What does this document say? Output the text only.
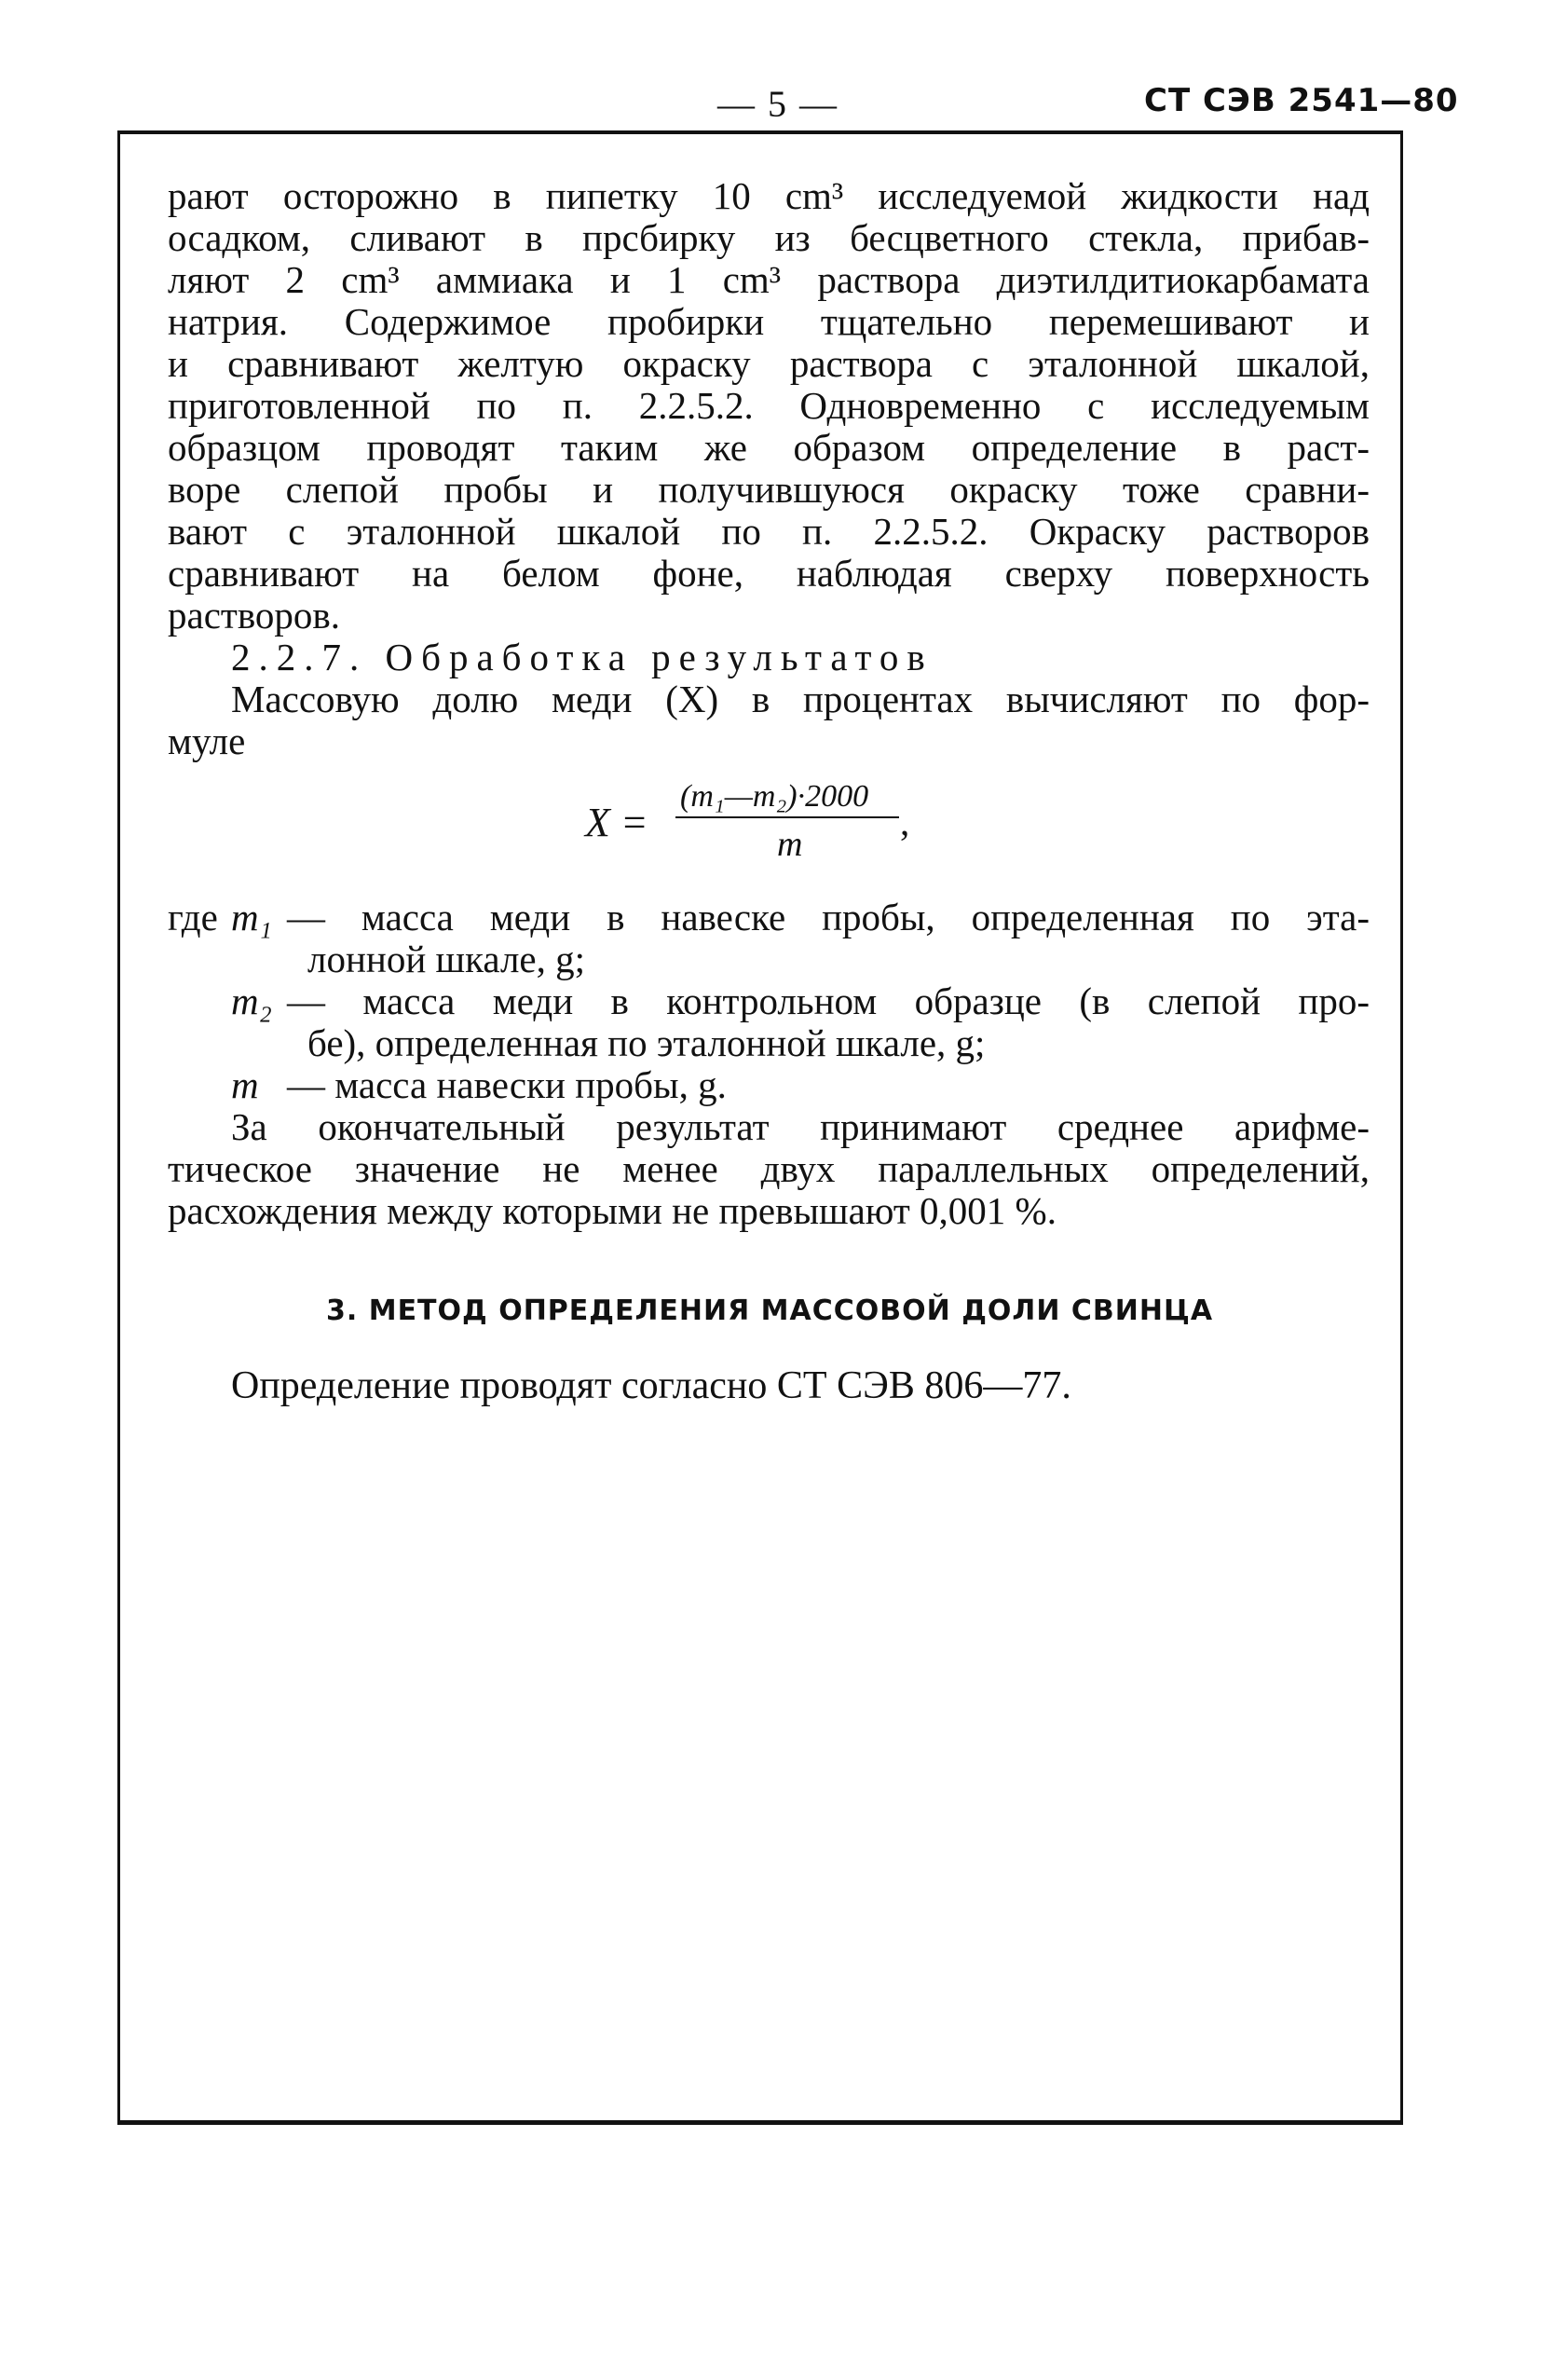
— 5 —	СТ СЭВ 2541—80

рают осторожно в пипетку 10 cm³ исследуемой жидкости над
осадком, сливают в прсбирку из бесцветного стекла, прибав-
ляют 2 cm³ аммиака и 1 cm³ раствора диэтилдитиокарбамата
натрия. Содержимое пробирки тщательно перемешивают и
и сравнивают желтую окраску раствора с эталонной шкалой,
приготовленной по п. 2.2.5.2. Одновременно с исследуемым
образцом проводят таким же образом определение в раст-
воре слепой пробы и получившуюся окраску тоже сравни-
вают с эталонной шкалой по п. 2.2.5.2. Окраску растворов
сравнивают на белом фоне, наблюдая сверху поверхность
растворов.

2.2.7. Обработка результатов

Массовую долю меди (X) в процентах вычисляют по фор-
муле

X =
(m₁—m₂)·2000
m
,
где m₁ — масса меди в навеске пробы, определенная по эта-
лонной шкале, g;
m₂ — масса меди в контрольном образце (в слепой про-
бе), определенная по эталонной шкале, g;
m — масса навески пробы, g.

За окончательный результат принимают среднее арифме-
тическое значение не менее двух параллельных определений,
расхождения между которыми не превышают 0,001 %.

3. МЕТОД ОПРЕДЕЛЕНИЯ МАССОВОЙ ДОЛИ СВИНЦА

Определение проводят согласно СТ СЭВ 806—77.
